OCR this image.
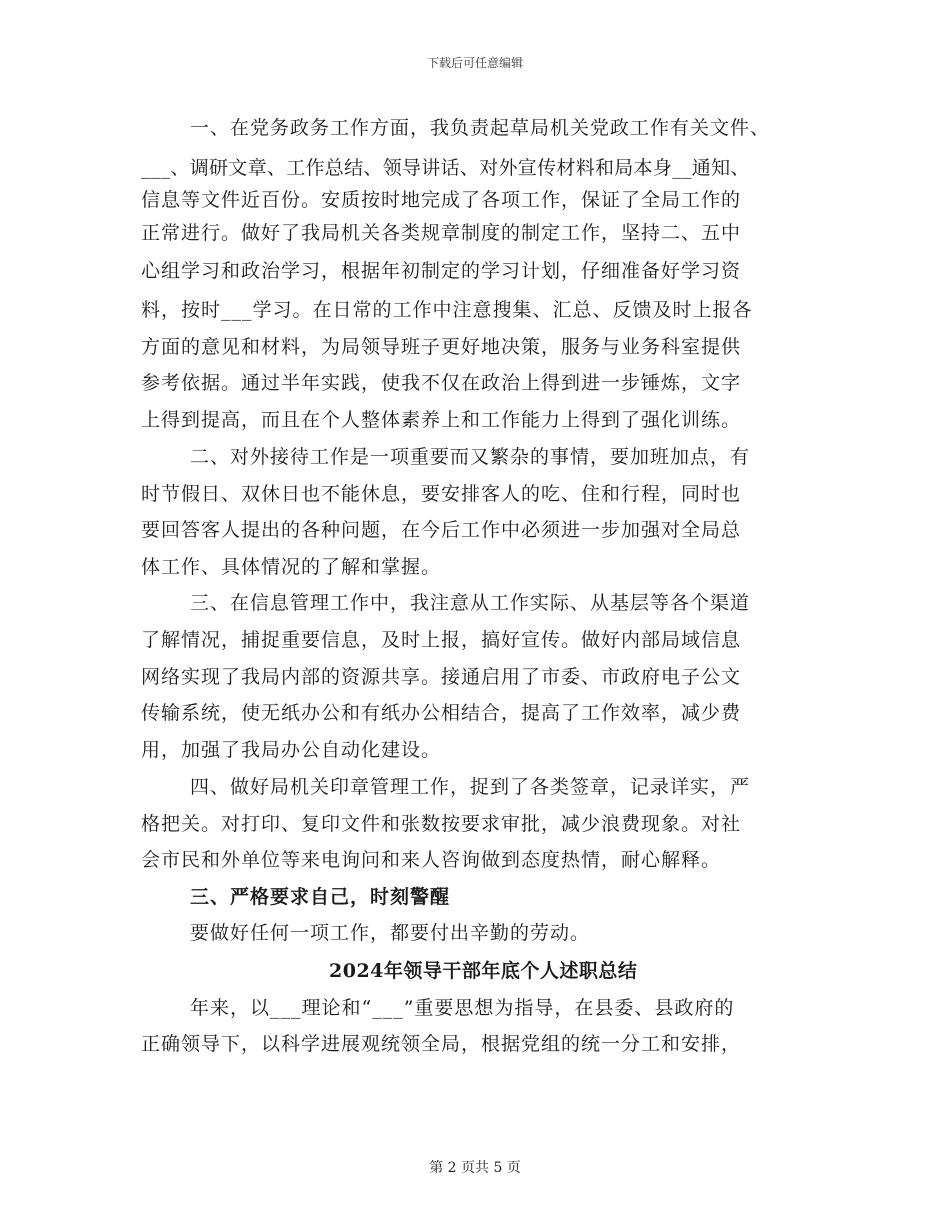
下载后可任意编辑
一、在党务政务工作方面，我负责起草局机关党政工作有关文件、
___、调研文章、工作总结、领导讲话、对外宣传材料和局本身__通知、
信息等文件近百份。安质按时地完成了各项工作，保证了全局工作的
正常进行。做好了我局机关各类规章制度的制定工作，坚持二、五中
心组学习和政治学习，根据年初制定的学习计划，仔细准备好学习资
料，按时___学习。在日常的工作中注意搜集、汇总、反馈及时上报各
方面的意见和材料，为局领导班子更好地决策，服务与业务科室提供
参考依据。通过半年实践，使我不仅在政治上得到进一步锤炼，文字
上得到提高，而且在个人整体素养上和工作能力上得到了强化训练。
二、对外接待工作是一项重要而又繁杂的事情，要加班加点，有
时节假日、双休日也不能休息，要安排客人的吃、住和行程，同时也
要回答客人提出的各种问题，在今后工作中必须进一步加强对全局总
体工作、具体情况的了解和掌握。
三、在信息管理工作中，我注意从工作实际、从基层等各个渠道
了解情况，捕捉重要信息，及时上报，搞好宣传。做好内部局域信息
网络实现了我局内部的资源共享。接通启用了市委、市政府电子公文
传输系统，使无纸办公和有纸办公相结合，提高了工作效率，减少费
用，加强了我局办公自动化建设。
四、做好局机关印章管理工作，捉到了各类签章，记录详实，严
格把关。对打印、复印文件和张数按要求审批，减少浪费现象。对社
会市民和外单位等来电询问和来人咨询做到态度热情，耐心解释。
三、严格要求自己，时刻警醒
要做好任何一项工作，都要付出辛勤的劳动。
2024年领导干部年底个人述职总结
年来，以___理论和“___”重要思想为指导，在县委、县政府的
正确领导下，以科学进展观统领全局，根据党组的统一分工和安排，
第 2 页共 5 页
